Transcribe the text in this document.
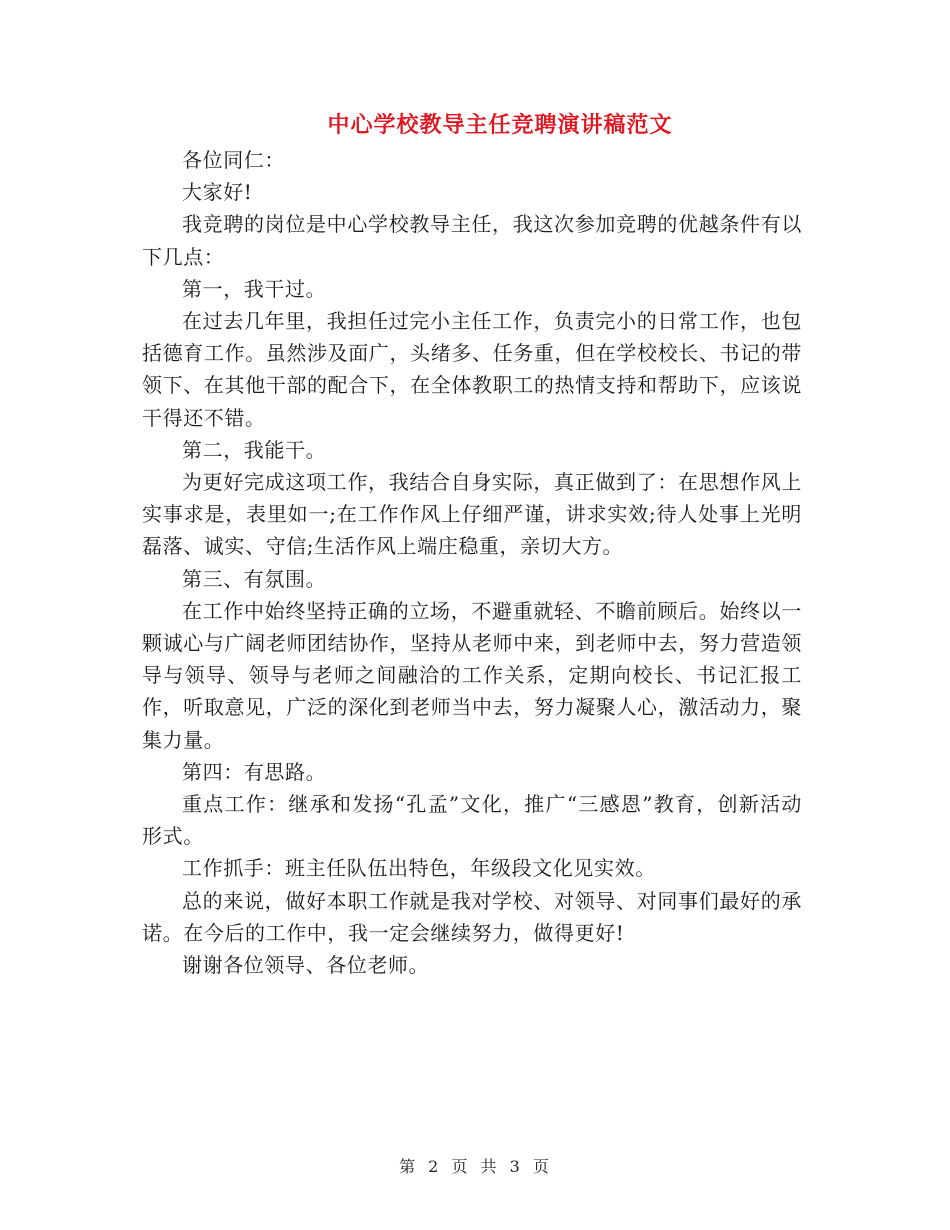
中心学校教导主任竞聘演讲稿范文

各位同仁：

大家好!

我竞聘的岗位是中心学校教导主任，我这次参加竞聘的优越条件有以下几点：

第一，我干过。

在过去几年里，我担任过完小主任工作，负责完小的日常工作，也包括德育工作。虽然涉及面广，头绪多、任务重，但在学校校长、书记的带领下、在其他干部的配合下，在全体教职工的热情支持和帮助下，应该说干得还不错。

第二，我能干。

为更好完成这项工作，我结合自身实际，真正做到了：在思想作风上实事求是，表里如一;在工作作风上仔细严谨，讲求实效;待人处事上光明磊落、诚实、守信;生活作风上端庄稳重，亲切大方。

第三、有氛围。

在工作中始终坚持正确的立场，不避重就轻、不瞻前顾后。始终以一颗诚心与广阔老师团结协作，坚持从老师中来，到老师中去，努力营造领导与领导、领导与老师之间融洽的工作关系，定期向校长、书记汇报工作，听取意见，广泛的深化到老师当中去，努力凝聚人心，激活动力，聚集力量。

第四：有思路。

重点工作：继承和发扬“孔孟”文化，推广“三感恩”教育，创新活动形式。

工作抓手：班主任队伍出特色，年级段文化见实效。

总的来说，做好本职工作就是我对学校、对领导、对同事们最好的承诺。在今后的工作中，我一定会继续努力，做得更好!

谢谢各位领导、各位老师。

第 2 页 共 3 页
